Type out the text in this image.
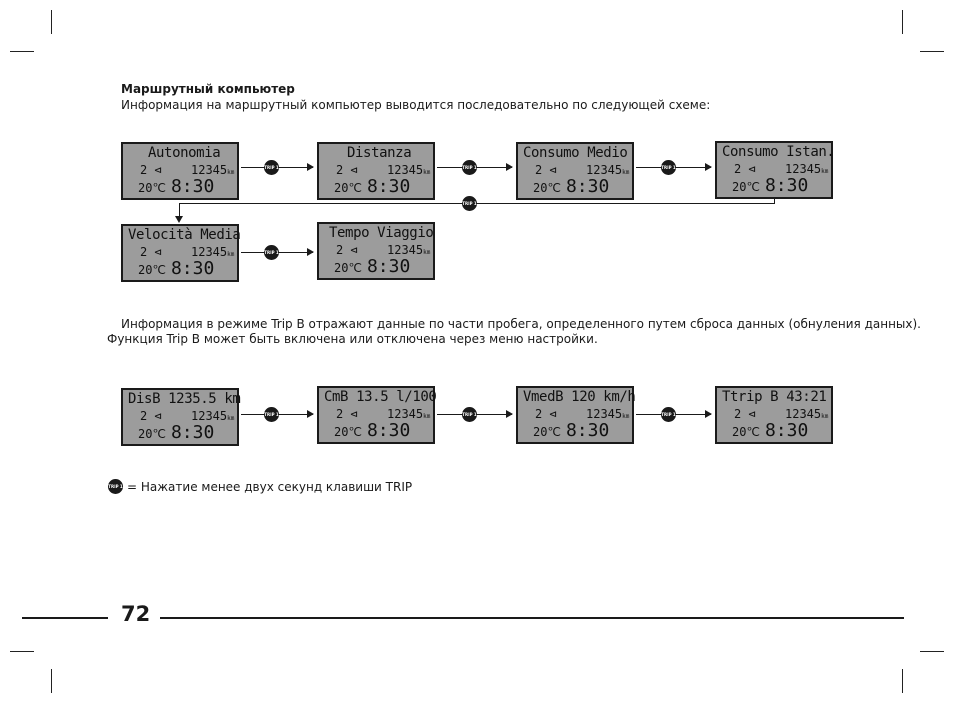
Маршрутный компьютер
Информация на маршрутный компьютер выводится последовательно по следующей схеме:
Autonomia
2 ⊲ 12345km
20℃ 8:30
Distanza
2 ⊲ 12345km
20℃ 8:30
Consumo Medio
2 ⊲ 12345km
20℃ 8:30
Consumo Istan.
2 ⊲ 12345km
20℃ 8:30
TRIP 1	TRIP 1	TRIP 1
TRIP 1
Velocità Media
2 ⊲ 12345km
20℃ 8:30
Tempo Viaggio
2 ⊲ 12345km
20℃ 8:30
TRIP 1
Информация в режиме Trip B отражают данные по части пробега, определенного путем сброса данных (обнуления данных).
Функция Trip B может быть включена или отключена через меню настройки.
DisB 1235.5 km
2 ⊲ 12345km
20℃ 8:30
CmB 13.5 l/100
2 ⊲ 12345km
20℃ 8:30
VmedB 120 km/h
2 ⊲ 12345km
20℃ 8:30
Ttrip B 43:21
2 ⊲ 12345km
20℃ 8:30
TRIP 1	TRIP 1	TRIP 1
TRIP 1 = Нажатие менее двух секунд клавиши TRIP
72
